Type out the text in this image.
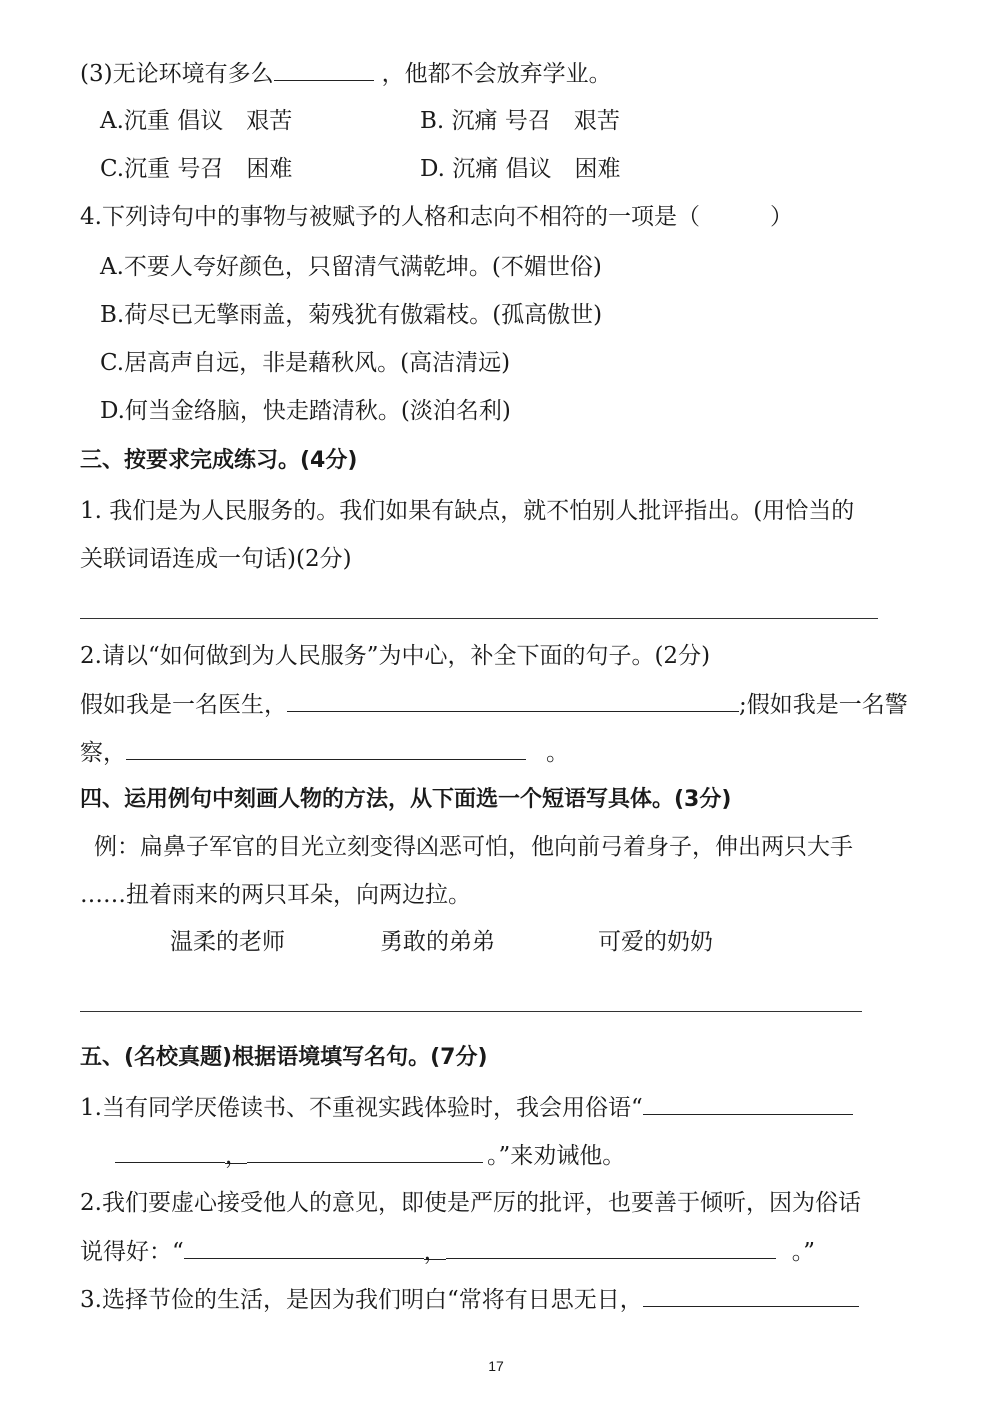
(3)无论环境有多么	，他都不会放弃学业。
A.沉重 倡议　艰苦	B. 沉痛 号召　艰苦
C.沉重 号召　困难	D. 沉痛 倡议　困难
4.下列诗句中的事物与被赋予的人格和志向不相符的一项是（	）
A.不要人夸好颜色，只留清气满乾坤。(不媚世俗)
B.荷尽已无擎雨盖，菊残犹有傲霜枝。(孤高傲世)
C.居高声自远，非是藉秋风。(高洁清远)
D.何当金络脑，快走踏清秋。(淡泊名利)
三、按要求完成练习。(4分)
1. 我们是为人民服务的。我们如果有缺点，就不怕别人批评指出。(用恰当的
关联词语连成一句话)(2分)
2.请以“如何做到为人民服务”为中心，补全下面的句子。(2分)
假如我是一名医生，	;假如我是一名警
察，	。
四、运用例句中刻画人物的方法，从下面选一个短语写具体。(3分)
例：扁鼻子军官的目光立刻变得凶恶可怕，他向前弓着身子，伸出两只大手
……扭着雨来的两只耳朵，向两边拉。
温柔的老师	勇敢的弟弟	可爱的奶奶
五、(名校真题)根据语境填写名句。(7分)
1.当有同学厌倦读书、不重视实践体验时，我会用俗语“
，	。”来劝诫他。
2.我们要虚心接受他人的意见，即使是严厉的批评，也要善于倾听，因为俗话
说得好：“	，	。”
3.选择节俭的生活，是因为我们明白“常将有日思无日，
17
